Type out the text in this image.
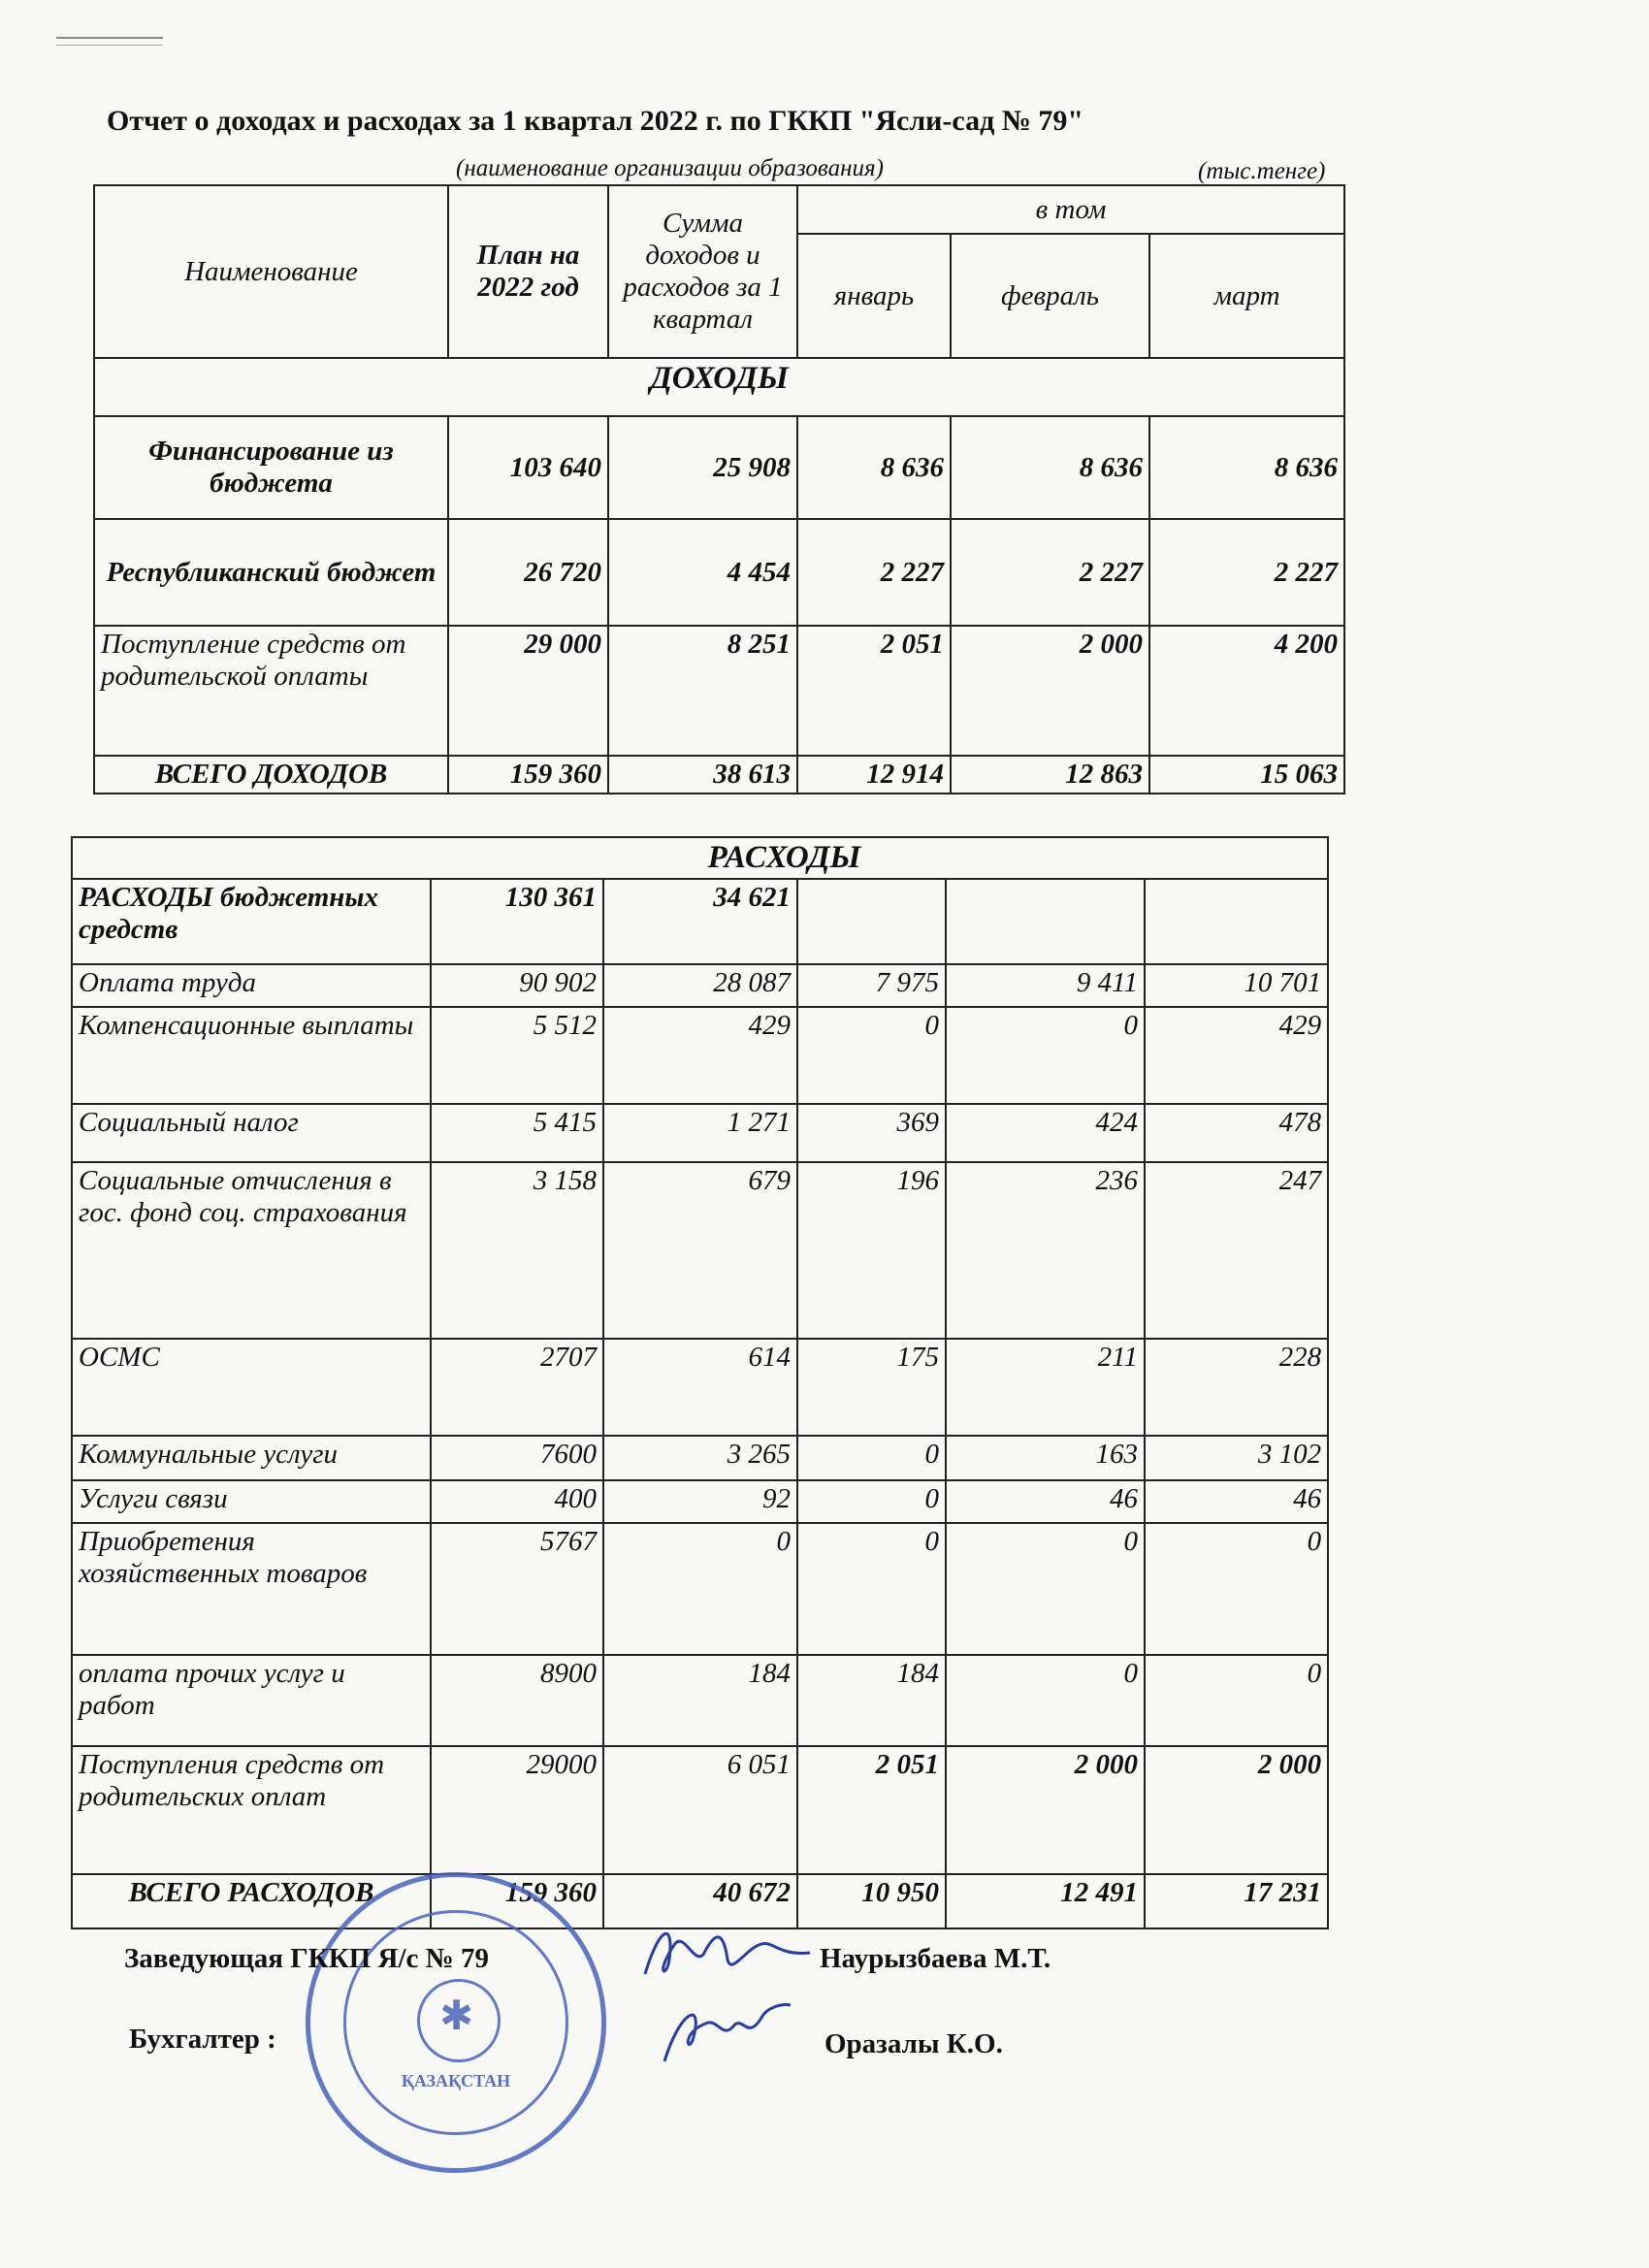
Отчет о доходах и расходах за 1 квартал 2022 г. по ГККП "Ясли-сад № 79"
(наименование организации образования)	(тыс.тенге)
Наименование	План на 2022 год	Сумма доходов и расходов за 1 квартал	в том		
			январь	февраль	март
ДОХОДЫ					
Финансирование из бюджета	103 640	25 908	8 636	8 636	8 636
Республиканский бюджет	26 720	4 454	2 227	2 227	2 227
Поступление средств от родительской оплаты	29 000	8 251	2 051	2 000	4 200
ВСЕГО ДОХОДОВ	159 360	38 613	12 914	12 863	15 063
РАСХОДЫ					
РАСХОДЫ бюджетных средств	130 361	34 621			
Оплата труда	90 902	28 087	7 975	9 411	10 701
Компенсационные выплаты	5 512	429	0	0	429
Социальный налог	5 415	1 271	369	424	478
Социальные отчисления в гос. фонд соц. страхования	3 158	679	196	236	247
ОСМС	2707	614	175	211	228
Коммунальные услуги	7600	3 265	0	163	3 102
Услуги связи	400	92	0	46	46
Приобретения хозяйственных товаров	5767	0	0	0	0
оплата прочих услуг и работ	8900	184	184	0	0
Поступления средств от родительских оплат	29000	6 051	2 051	2 000	2 000
ВСЕГО РАСХОДОВ	159 360	40 672	10 950	12 491	17 231
✱
ҚАЗАҚСТАН
Заведующая ГККП Я/с № 79	Наурызбаева М.Т.
Бухгалтер :	Оразалы К.О.
